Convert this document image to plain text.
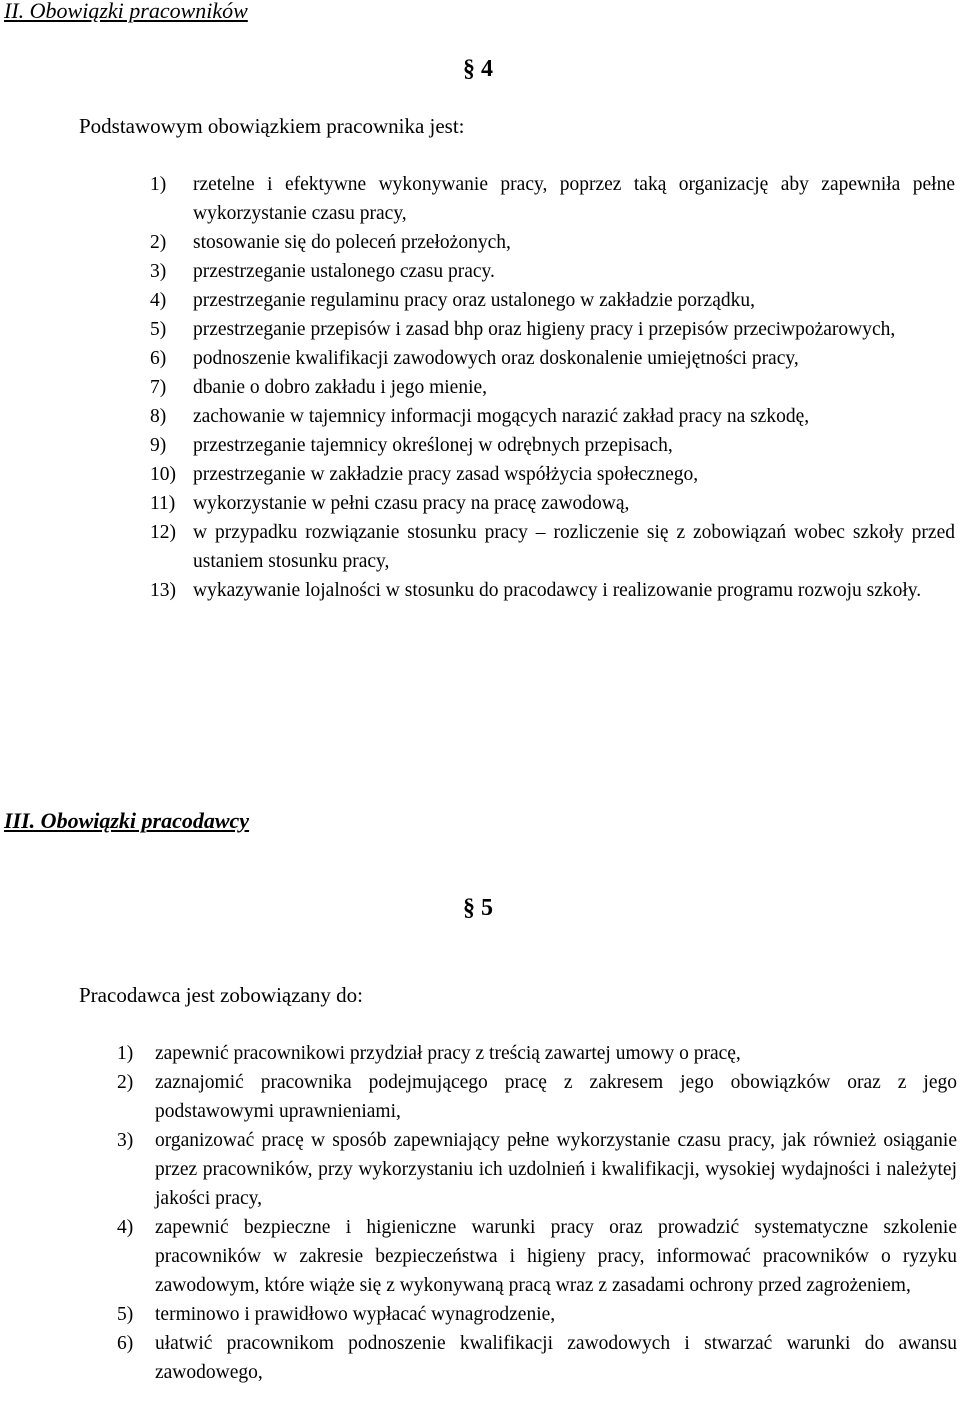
II. Obowiązki pracowników
§ 4
Podstawowym obowiązkiem pracownika jest:
1) rzetelne i efektywne wykonywanie pracy, poprzez taką organizację aby zapewniła pełne wykorzystanie czasu pracy,
2) stosowanie się do poleceń przełożonych,
3) przestrzeganie ustalonego czasu pracy.
4) przestrzeganie regulaminu pracy oraz ustalonego w zakładzie porządku,
5) przestrzeganie przepisów i zasad bhp oraz higieny pracy i przepisów przeciwpożarowych,
6) podnoszenie kwalifikacji zawodowych oraz doskonalenie umiejętności pracy,
7) dbanie o dobro zakładu i jego mienie,
8) zachowanie w tajemnicy informacji mogących narazić zakład pracy na szkodę,
9) przestrzeganie tajemnicy określonej w odrębnych przepisach,
10) przestrzeganie w zakładzie pracy zasad współżycia społecznego,
11) wykorzystanie w pełni czasu pracy na pracę zawodową,
12) w przypadku rozwiązanie stosunku pracy – rozliczenie się z zobowiązań wobec szkoły przed ustaniem stosunku pracy,
13) wykazywanie lojalności w stosunku do pracodawcy i realizowanie programu rozwoju szkoły.
III. Obowiązki pracodawcy
§ 5
Pracodawca jest zobowiązany do:
1) zapewnić pracownikowi przydział pracy z treścią zawartej umowy o pracę,
2) zaznajomić pracownika podejmującego pracę z zakresem jego obowiązków oraz z jego podstawowymi uprawnieniami,
3) organizować pracę w sposób zapewniający pełne wykorzystanie czasu pracy, jak również osiąganie przez pracowników, przy wykorzystaniu ich uzdolnień i kwalifikacji, wysokiej wydajności i należytej jakości pracy,
4) zapewnić bezpieczne i higieniczne warunki pracy oraz prowadzić systematyczne szkolenie pracowników w zakresie bezpieczeństwa i higieny pracy, informować pracowników o ryzyku zawodowym, które wiąże się z wykonywaną pracą wraz z zasadami ochrony przed zagrożeniem,
5) terminowo i prawidłowo wypłacać wynagrodzenie,
6) ułatwić pracownikom podnoszenie kwalifikacji zawodowych i stwarzać warunki do awansu zawodowego,
